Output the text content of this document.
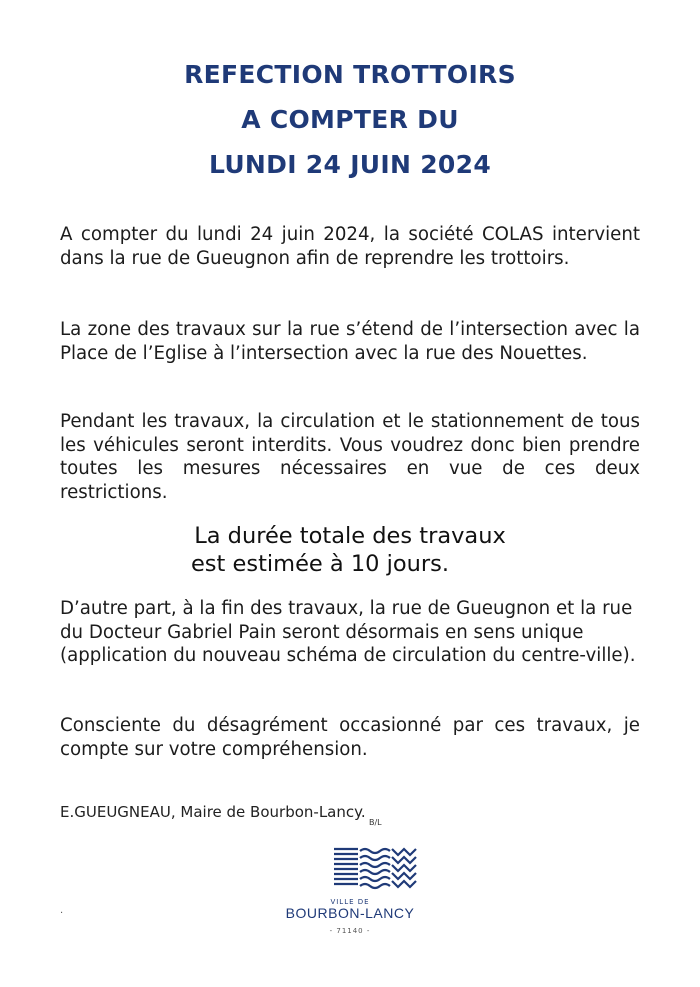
REFECTION TROTTOIRS
A COMPTER DU
LUNDI 24 JUIN 2024

A compter du lundi 24 juin 2024, la société COLAS intervient dans la rue de Gueugnon afin de reprendre les trottoirs.

La zone des travaux sur la rue s’étend de l’intersection avec la Place de l’Eglise à l’intersection avec la rue des Nouettes.

Pendant les travaux, la circulation et le stationnement de tous les véhicules seront interdits. Vous voudrez donc bien prendre toutes les mesures nécessaires en vue de ces deux restrictions.

La durée totale des travaux
est estimée à 10 jours.

D’autre part, à la fin des travaux, la rue de Gueugnon et la rue du Docteur Gabriel Pain seront désormais en sens unique (application du nouveau schéma de circulation du centre-ville).

Consciente du désagrément occasionné par ces travaux, je compte sur votre compréhension.

E.GUEUGNEAU, Maire de Bourbon-Lancy.
B/L
.
VILLE DE
BOURBON-LANCY
- 71140 -
